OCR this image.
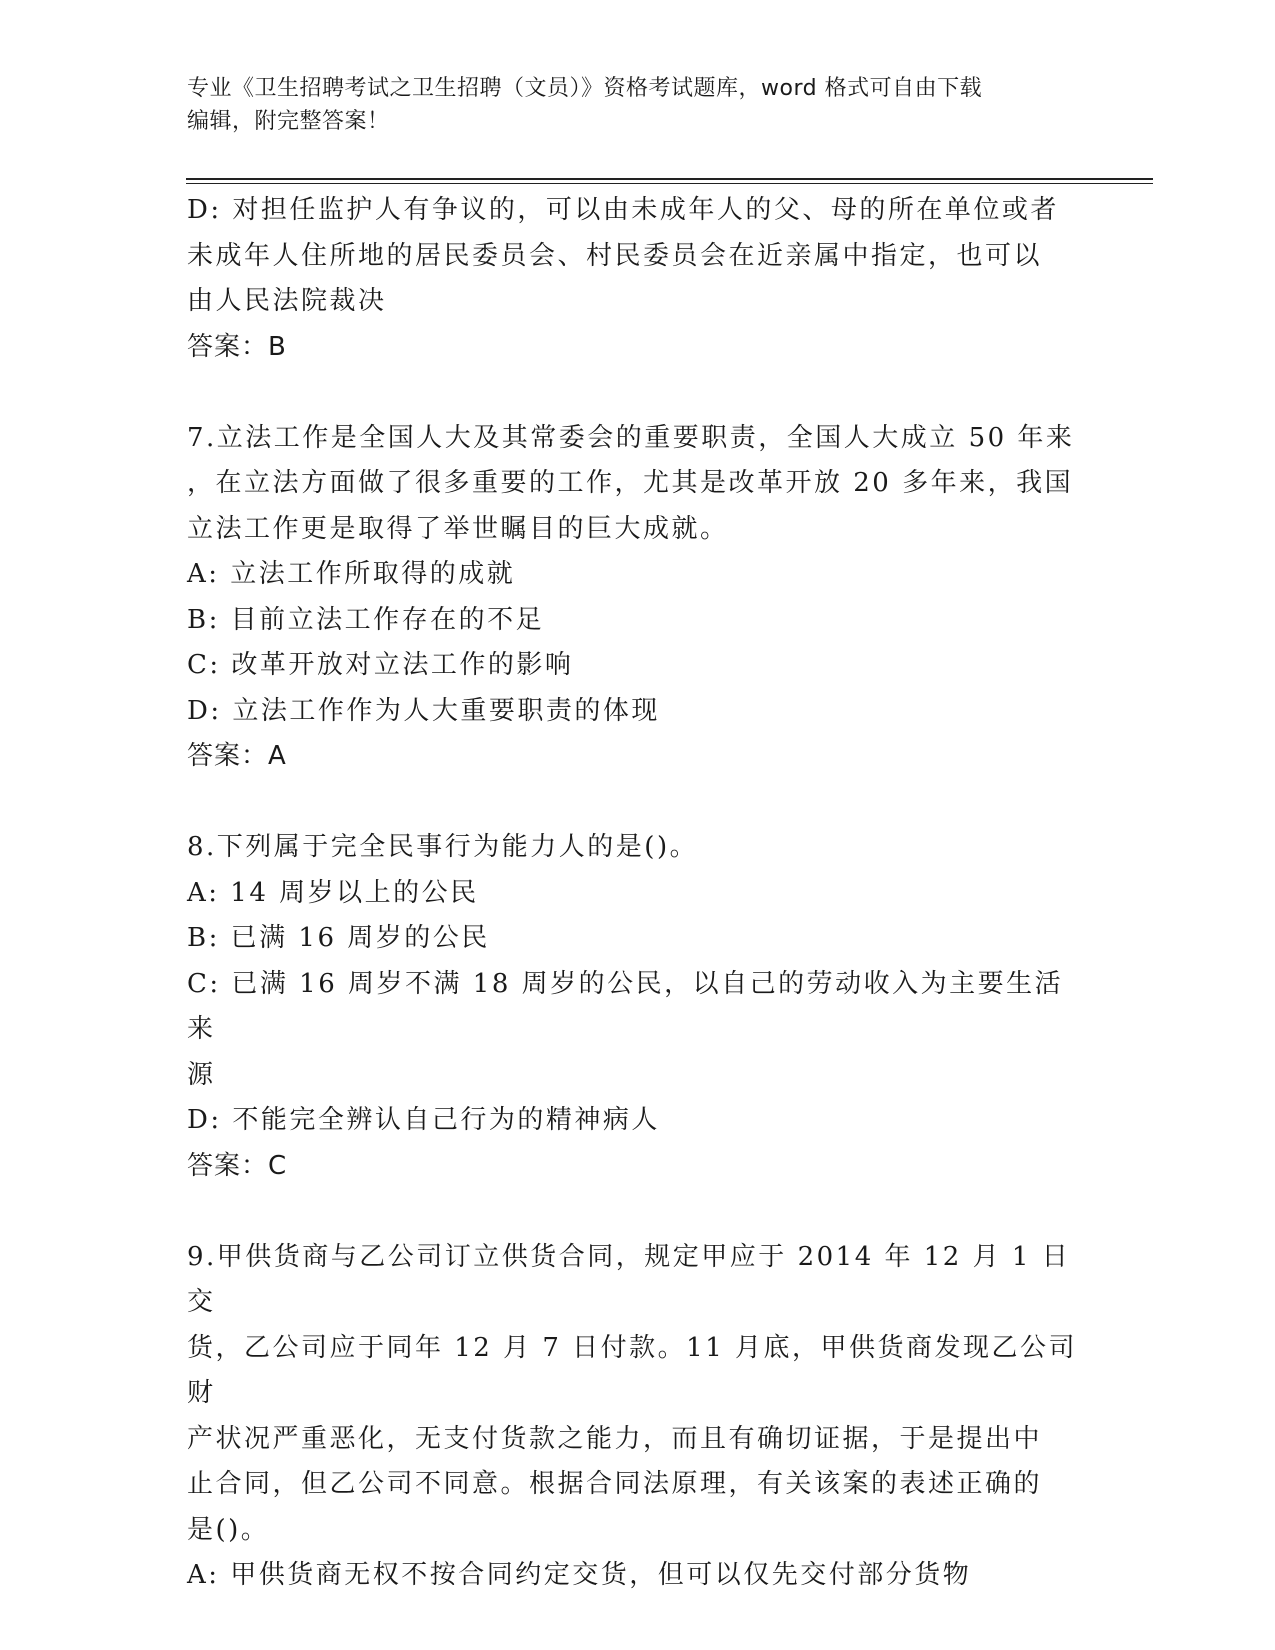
专业《卫生招聘考试之卫生招聘（文员）》资格考试题库，word 格式可自由下载
编辑，附完整答案！

D: 对担任监护人有争议的，可以由未成年人的父、母的所在单位或者

未成年人住所地的居民委员会、村民委员会在近亲属中指定，也可以

由人民法院裁决

答案：B

7.立法工作是全国人大及其常委会的重要职责，全国人大成立 50 年来

，在立法方面做了很多重要的工作，尤其是改革开放 20 多年来，我国

立法工作更是取得了举世瞩目的巨大成就。

A: 立法工作所取得的成就

B: 目前立法工作存在的不足

C: 改革开放对立法工作的影响

D: 立法工作作为人大重要职责的体现

答案：A

8.下列属于完全民事行为能力人的是()。

A: 14 周岁以上的公民

B: 已满 16 周岁的公民

C: 已满 16 周岁不满 18 周岁的公民，以自己的劳动收入为主要生活来

源

D: 不能完全辨认自己行为的精神病人

答案：C

9.甲供货商与乙公司订立供货合同，规定甲应于 2014 年 12 月 1 日交

货，乙公司应于同年 12 月 7 日付款。11 月底，甲供货商发现乙公司财

产状况严重恶化，无支付货款之能力，而且有确切证据，于是提出中

止合同，但乙公司不同意。根据合同法原理，有关该案的表述正确的

是()。

A: 甲供货商无权不按合同约定交货，但可以仅先交付部分货物
